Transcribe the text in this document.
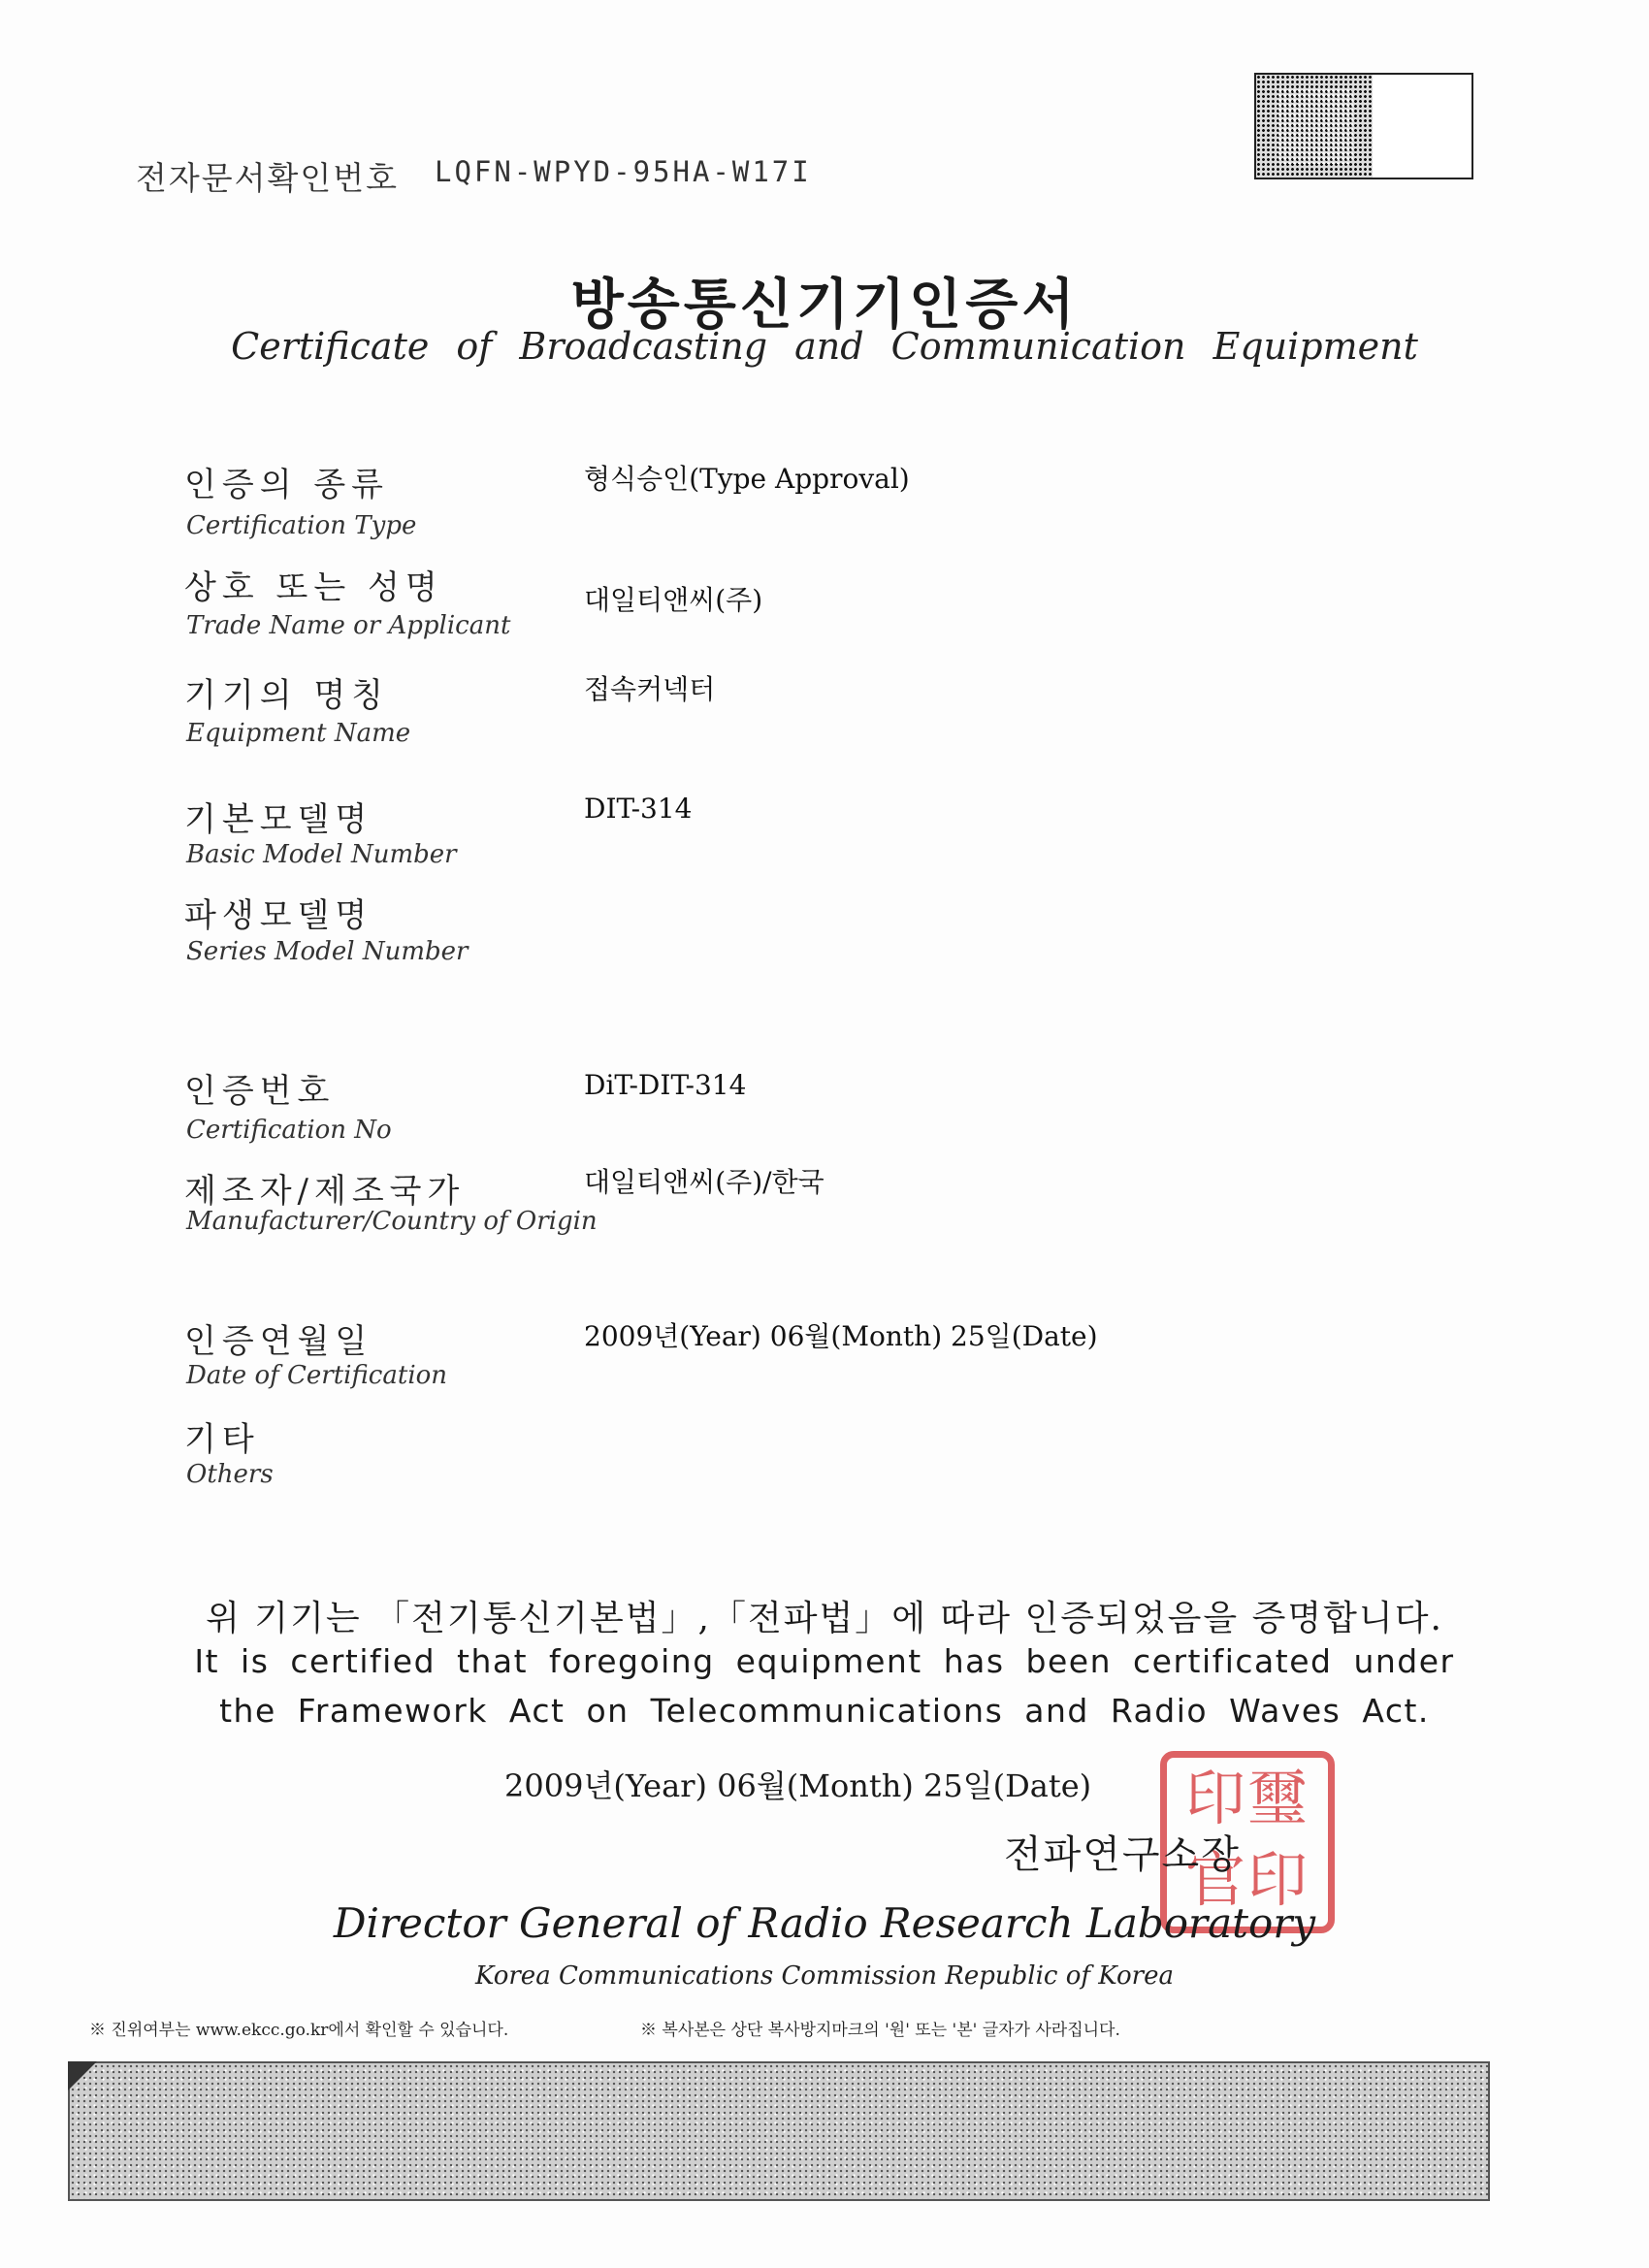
전자문서확인번호 LQFN-WPYD-95HA-W17I
방송통신기기인증서
Certificate of Broadcasting and Communication Equipment
인증의 종류
Certification Type
형식승인(Type Approval)
상호 또는 성명
Trade Name or Applicant
대일티앤씨(주)
기기의 명칭
Equipment Name
접속커넥터
기본모델명
Basic Model Number
DIT-314
파생모델명
Series Model Number
인증번호
Certification No
DiT-DIT-314
제조자/제조국가
Manufacturer/Country of Origin
대일티앤씨(주)/한국
인증연월일
Date of Certification
2009년(Year) 06월(Month) 25일(Date)
기타
Others
위 기기는 「전기통신기본법」,「전파법」에 따라 인증되었음을 증명합니다.
It is certified that foregoing equipment has been certificated under
the Framework Act on Telecommunications and Radio Waves Act.
2009년(Year) 06월(Month) 25일(Date)	印璽
官印
전파연구소장
Director General of Radio Research Laboratory
Korea Communications Commission Republic of Korea
※ 진위여부는 www.ekcc.go.kr에서 확인할 수 있습니다.	※ 복사본은 상단 복사방지마크의 '원' 또는 '본' 글자가 사라집니다.
